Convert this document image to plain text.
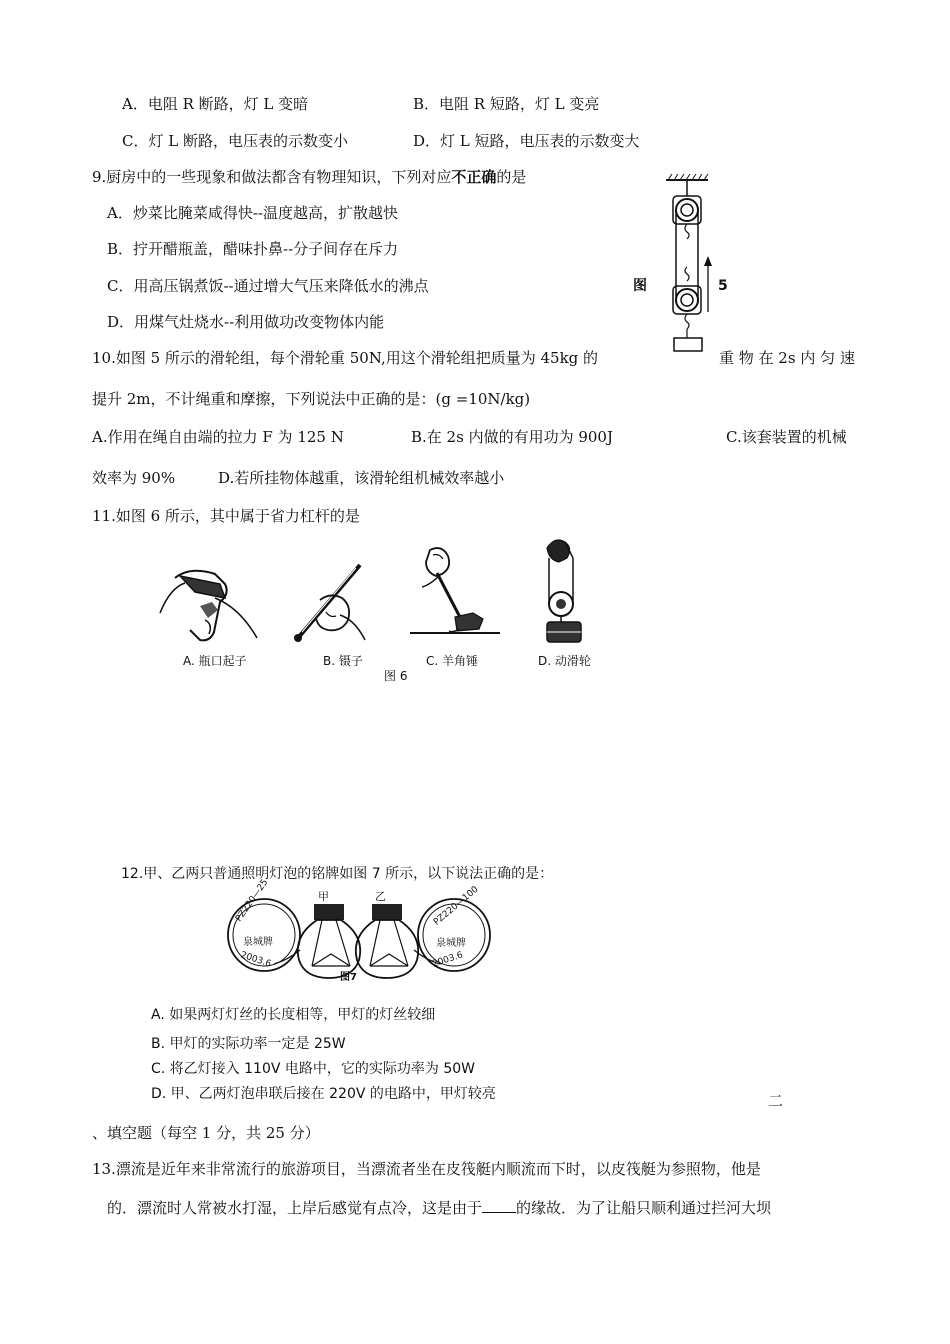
A．电阻 R 断路，灯 L 变暗	B．电阻 R 短路，灯 L 变亮
C．灯 L 断路，电压表的示数变小	D．灯 L 短路，电压表的示数变大
9.厨房中的一些现象和做法都含有物理知识，下列对应不正确的是
A．炒菜比腌菜咸得快--温度越高，扩散越快
B．拧开醋瓶盖，醋味扑鼻--分子间存在斥力
C．用高压锅煮饭--通过增大气压来降低水的沸点
D．用煤气灶烧水--利用做功改变物体内能
图	5
10.如图 5 所示的滑轮组，每个滑轮重 50N,用这个滑轮组把质量为 45kg 的	重 物 在 2s 内 匀 速
提升 2m，不计绳重和摩擦，下列说法中正确的是：(g =10N/kg)
A.作用在绳自由端的拉力 F 为 125 N	B.在 2s 内做的有用功为 900J	C.该套装置的机械
效率为 90%	D.若所挂物体越重，该滑轮组机械效率越小
11.如图 6 所示，其中属于省力杠杆的是
A. 瓶口起子	B. 镊子	C. 羊角锤	D. 动滑轮
图 6
12.甲、乙两只普通照明灯泡的铭牌如图 7 所示，以下说法正确的是：
甲	乙
PZ220—25
泉城牌
2003.6
PZ220—100
泉城牌
2003.6
图7
A. 如果两灯灯丝的长度相等，甲灯的灯丝较细
B. 甲灯的实际功率一定是 25W
C. 将乙灯接入 110V 电路中，它的实际功率为 50W
D. 甲、乙两灯泡串联后接在 220V 的电路中，甲灯较亮	二
、填空题（每空 1 分，共 25 分）
13.漂流是近年来非常流行的旅游项目，当漂流者坐在皮筏艇内顺流而下时，以皮筏艇为参照物，他是
的．漂流时人常被水打湿，上岸后感觉有点冷，这是由于 的缘故．为了让船只顺利通过拦河大坝
